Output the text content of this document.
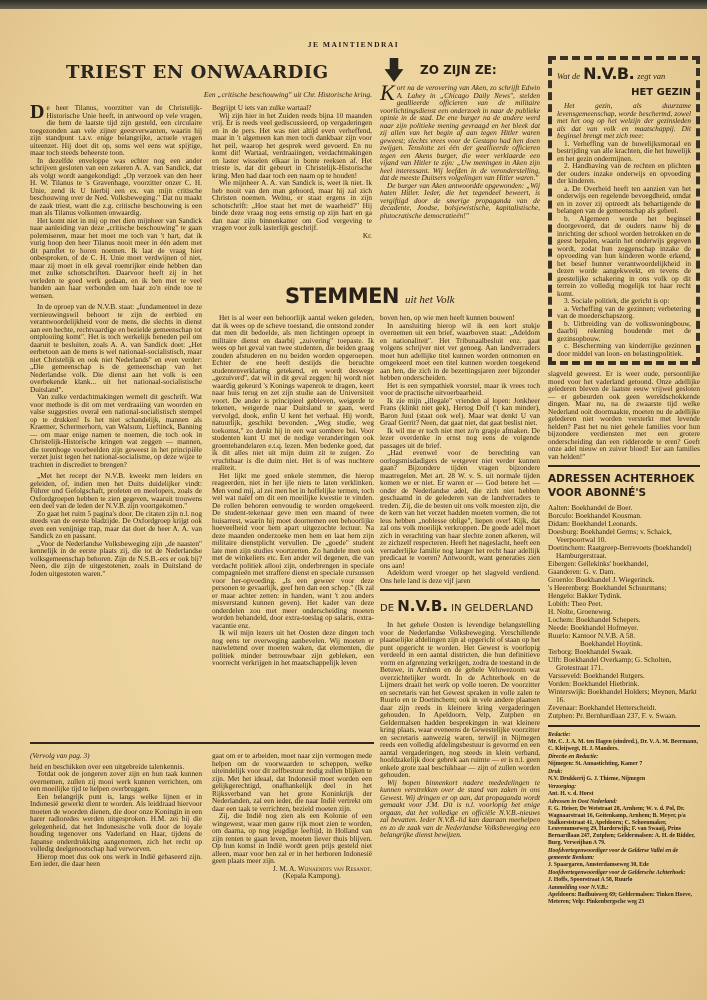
JE MAINTIENDRAI
TRIEST EN ONWAARDIG
Een „critische beschouwing" uit Chr. Historische kring.

De heer Tilanus, voorzitter van de Christelijk-Historische Unie heeft, in antwoord op vele vragen, die hem de laatste tijd zijn gesteld, een circulaire toegezonden aan vele zijner geestverwanten, waarin hij zijn standpunt t.a.v. enige belangrijke, actuele vragen uiteenzet. Hij doet dit op, soms wel eens wat spijtige, maar toch steeds beheerste toon.

In dezelfde enveloppe was echter nog een ander schrijven gesloten van een zekeren A. A. van Sandick, dat als volgt wordt aangekondigd: „Op verzoek van den heer H. W. Tilanus te 's Gravenhage, voorzitter onzer C. H. Unie, zend ik U hierbij een ex. van mijn critische beschouwing over de Ned. Volksbeweging." Dat nu maakt de zaak triest, want die z.g. critische beschouwing is een man als Tilanus volkomen onwaardig.

Het komt niet in mij op met dien mijnheer van Sandick naar aanleiding van deze „critische beschouwing" te gaan polemiseren, maar het moet me toch van 't hart, dat ik vurig hoop den heer Tilanus nooit meer in één adem met dit pamflet te horen noemen. Ik laat de vraag hier onbesproken, of de C. H. Unie moet verdwijnen of niet, maar zij moet in elk geval roemrijker einde hebben dan met zulke schotschriften. Daarvoor heeft zij in het verleden te goed werk gedaan, en ik ben met te veel banden aan haar verbonden om haar zo'n einde toe te wensen.

In de oproep van de N.V.B. staat: „fundamenteel in deze vernieuwingswil behoort te zijn de eerbied en verantwoordelijkheid voor de mens, die slechts in dienst aan een hechte, rechtvaardige en bezielde gemeenschap tot ontplooiing komt". Het is toch werkelijk beneden peil om daaruit te besluiten, zoals A. A. van Sandick doet: „Het eerbetoon aan de mens is wel nationaal-socialistisch, maar niet Christelijk en ook niet Nederlands" en even verder: „Die gemeenschap is de gemeenschap van het Nederlandse volk. Die dienst aan het volk is een overbekende klank... uit het nationaal-socialistische Duitsland".

Van zulke verdachtmakingen wemelt dit geschrift. Wat voor methode is dit om met verdraaiing van woorden en valse suggesties overal een national-socialistisch stempel op te drukken! Is het niet schandelijk, mannen als Kraemer, Schermerhorn, van Walsum, Lieftinck, Banning — om maar enige namen te noemen, die toch ook in Christelijk-Historische kringen wat zeggen — mannen, die torenhoge voorbeelden zijn geweest in het principiële verzet juist tegen het national-socialisme, op deze wijze te trachten in discrediet te brengen?

„Met het recept der N.V.B. kweekt men leiders en geleiden, of, indien men het Duits duidelijker vindt: Führer und Gefolgschaft, profeten en meelopers, zoals de Oxfordgroepen hebben te zien gegeven, waaruit trouwens een deel van de leden der N.V.B. zijn voortgekomen."

Zo gaat het ruim 5 pagina's door. De citaten zijn n.l. nog steeds van de eerste bladzijde. De Oxfordgroep krijgt ook even een venijnige trap, maar dat doet de heer A. A. van Sandick zo en passant.

„Voor de Nederlandse Volksbeweging zijn „de naasten" kennelijk in de eerste plaats zij, die tot de Nederlandse volksgemeenschap behoren. Zijn de N.S.B.-ers er ook bij? Neen, die zijn de uitgestotenen, zoals in Duitsland de Joden uitgestoten waren."

Begrijpt U iets van zulke wartaal?

Wij zijn hier in het Zuiden reeds bijna 10 maanden vrij. Er is reeds veel gediscussieerd, op vergaderingen en in de pers. Het was niet altijd even verheffend, maar in 't algemeen kan men toch dankbaar zijn voor het peil, waarop het gesprek werd gevoerd. En nu komt dit! Wartaal, verdraaiingen, verdachtmakingen en laster wisselen elkaar in bonte reeksen af. Het trieste is, dat dit gebeurt in Christelijk-Historische kring. Men had daar toch een naam op te houden!

Wie mijnheer A. A. van Sandick is, weet ik niet. Ik heb nooit van den man gehoord, maar hij zal zich Christen noemen. Welnu, er staat ergens in zijn schotschrift: „Hoe staat het met de waarheid?" Hij binde deze vraag nog eens ernstig op zijn hart en ga dan naar zijn binnenkamer om God vergeving te vragen voor zulk lasterlijk geschrijf.

Kr.
ZO ZIJN ZE:

Kort na de verovering van Aken, zo schrijft Edwin A. Lahey in „Chicago Daily News", stelden geallieerde officieren van de militaire voorlichtingsdienst een onderzoek in naar de publieke opinie in de stad. De ene burger na de andere werd naar zijn politieke mening gevraagd en het bleek dat zij allen van het begin af aan tegen Hitler waren geweest; slechts vrees voor de Gestapo had hen doen zwijgen. Tenslotte zei één der geallieerde officieren tegen een Akens burger, die weer verklaarde een vijand van Hitler te zijn: „Uw meningen in Aken zijn heel interessant. Wij leefden in de veronderstelling, dat de meeste Duitsers volgelingen van Hitler waren."

De burger van Aken antwoordde opgewonden: „Wij haten Hitler. Ieder, die het tegendeel beweert, is vergiftigd door de smerige propaganda van de decadente, Joodse, bolsjewistische, kapitalistische, plutocratische democratieën!"

Wat de N.V.B. zegt van
HET GEZIN

Het gezin, als duurzame levensgemeenschap, worde beschermd, zowel met het oog op het welzijn der gezinsleden als dat van volk en maatschappij. Dit beginsel brengt met zich mee:

1. Verheffing van de huwelijksmoraal en bestrijding van alle krachten, die het huwelijk en het gezin ondermijnen.

2. Handhaving van de rechten en plichten der ouders inzake onderwijs en opvoeding der kinderen.

a. De Overheid heeft ten aanzien van het onderwijs een regelende bevoegdheid, omdat en in zover zij optreedt als behartigende de belangen van de gemeenschap als geheel.

b. Algemeen worde het beginsel doorgevoerd, dat de ouders nauw bij de inrichting der school worden betrokken en de geest bepalen, waarin het onderwijs gegeven wordt, zodat hun zeggenschap inzake de opvoeding van hun kinderen worde erkend, het besef hunner verantwoordelijkheid in dezen worde aangekweekt, en tevens de geestelijke schakering in ons volk op dit terrein zo volledig mogelijk tot haar recht komt.

3. Sociale politiek, die gericht is op:

a. Verheffing van de gezinnen; verbetering van de moederschapszorg.

b. Uitbreiding van de volkswoningbouw, daarbij rekening houdende met de gezinsopbouw.

c. Bescherming van kinderrijke gezinnen door middel van loon- en belastingpolitiek.

slagveld geweest. Er is weer oude, persoonlijke moed voor het vaderland getoond. Onze adellijke gelederen bleven de laatste eeuw vrijwel gesloten — er gebeurden ook geen wereldschokkende dingen. Maar nu, na de zwaarste tijd welke Nederland ooit doormaakte, moeten nu de adellijke gelederen niet worden versterkt met levende helden? Past het nu niet gehele families voor hun bijzondere verdiensten met een grotere onderscheiding dan een ridderorde te eren? Geeft onze adel nieuw en zuiver bloed! Eer aan families van helden!"

ADRESSEN ACHTERHOEK
VOOR ABONNÉ'S
Aalten: Boekhandel de Boer.
Borculo: Boekhandel Kousman.
Didam: Boekhandel Leonards.
Doesburg: Boekhandel Germs; v. Schaick, Veerpoortwal 10.
Doetinchem: Raatgreep-Berrevoets (boekhandel) Hamburgerstraat.
Eibergen: Gellekinks' boekhandel,
Gaanderen: G. v. Dam.
Groenlo: Boekhandel J. Wiegerinck.
's Heerenberg: Boekhandel Schuurmans;
Hengelo: Bakker Tydink.
Lobith: Theo Peet.
H. Nolte, Groeneweg.
Lochem: Boekhandel Schepers.
Neede: Boekhandel Hofmeyer.
Ruurlo: Kantoor N.V.B. A 58.
Boekhandel Hoytink.
Terborg: Boekhandel Swaak.
Ulft: Boekhandel Overkamp; G. Scholten, Grotestraat 171.
Varsseveld: Boekhandel Rutgers.
Vorden: Boekhandel Hietbrink.
Winterswijk: Boekhandel Holders; Meynen, Markt 16.
Zevenaar: Boekhandel Hetterscheidt.
Zutphen: Pr. Bernhardlaan 237, F. v. Swaan.
Redactie:
Mr. C. J. A. M. ten Hagen (eindred.), Dr. V. A. M. Beermann, C. Kleijwegt, H. J. Manders.
Directie en Redactie:
Nijmegen: St. Annastichting, Kamer 7
Druk:
N.V. Drukkerij G. J. Thieme, Nijmegen
Verzorging:
Ant. H. v. d. Horst
Adressen in Oost Nederland:
F. G. Heiser, De Wetstraat 28, Arnhem; W. v. d. Pol, Dr. Wagnaarstraat 16, Geitenkamp, Arnhem; B. Meyer, p/a Stalkorststraat 41, Apeldoorn; C. Schoenmaker, Leuvenumseweg 29, Harderwijk; F. van Swaaij, Prins Bernardlaan 247, Zutphen; Geldermalsen: A. H. de Ridder, Burg. Verweijhan A 79.
Hoofdvertegenwoordiger voor de Gelderse Vallei en de gemeente Renkum:
J. Spaargaren, Amsterdamseweg 30, Ede
Hoofdvertegenwoordiger voor de Geldersche Achterhoek:
J. Hoffs, Spoorstraat A 58, Ruurlo
Aanmelding voor N.V.B.:
Apeldoorn: Badhuisweg 69; Geldermalsen: Tinken Hoeve, Meteren; Velp: Pinkenbergsche weg 23
STEMMEN uit het Volk

Het is al weer een behoorlijk aantal weken geleden, dat ik wees op de scheve toestand, die ontstond zonder dat men dit bedoelde, als men lichtingen oproept in militaire dienst en daarbij „zuivering" toepaste. Ik wees op het geval van twee studenten, die beiden graag zouden afstuderen en nu beiden worden opgeroepen. Echter de ene heeft destijds die beruchte studentenverklaring getekend, en wordt deswege „gezuiverd", dat wil in dit geval zeggen: hij wordt niet waardig gekeurd 's Konings wapenrok te dragen, keert naar huis terug en zet zijn studie aan de Universiteit voort. De ander is principieel gebleven, weigerde te tekenen, weigerde naar Duitsland te gaan, werd vervolgd, dook, enfin U kent het verhaal. Hij wordt, natuurlijk, geschikt bevonden. „Weg studie, weg toekomst," zo denkt hij in een wat sombere bui. Voor studenten kunt U met de nodige veranderingen ook groentehandelaren e.t.q. lezen. Men bedenke goed, dat ik dit alles niet uit mijn duim zit te zuigen. Zo vruchtbaar is die duim niet. Het is of was nuchtere realiteit.

Het lijkt me goed enkele stemmen, die hierop reageerden, niet in het ijle niets te laten verklinken. Men vond mij, al zei men het in hoffelijke termen, toch wel wat naïef om dit een moeilijke kwestie te vinden. De rollen behoren eenvoudig te worden omgekeerd. De student-tekenaar geve men een maand of twee huisarrest, waarin hij moet doornemen een behoorlijke hoeveelheid voor hem apart uitgezochte lectuur. Na deze maanden onderzoeke men hem en laat hem zijn militaire dienstplicht vervullen. De „goede" student late men zijn studies voortzetten. Zo handele men ook met de winkeliers etc. Een ander wil degenen, die van verdacht politiek allooi zijn, onderbrengen in speciale compagnieën met straffere dienst en speciale cursussen voor her-opvoeding. „Is een geweer voor deze personen te gevaarlijk, geef hen dan een schop." (Ik zal er maar achter zetten: in handen, want 't zou anders misverstand kunnen geven). Het kader van deze onderdelen zou met meer onderscheiding moeten worden behandeld, door extra-toeslag op salaris, extra-vacantie enz.

Ik wil mijn lezers uit het Oosten deze dingen toch nog eens ter overweging aanbevelen. Wij moeten er nauwlettend over moeten waken, dat elementen, die politiek minder betrouwbaar zijn gebleken, een voorrecht verkrijgen in het maatschappelijk leven

boven hen, op wie men heeft kunnen bouwen!

In aansluiting hierop wil ik een kort stukje overnemen uit een brief, waarboven staat: „Adeldom en nationaliteit". Het Tribunaalbesluit enz. gaat volgens schrijver niet ver genoeg. Aan landverraders moet hun adellijke titel kunnen worden ontnomen en omgekeerd moet een titel kunnen worden toegekend aan hen, die zich in de bezettingsjaren zeer bijzonder hebben onderscheiden.

Het is een sympathiek voorstel, maar ik vrees toch voor de practische uitvoerbaarheid.

Ik zie mijn „illegale" vrienden al lopen: Jonkheer Frans (klinkt niet gek), Hertog Dolf ('t kan minder), Baron Juul (staat ook wel). Maar wat denkt U van Graaf Gerrit? Neen, dat gaat niet, dat gaat beslist niet.

Ik wil me er toch niet met zo'n grapje afmaken. De lezer overdenke in ernst nog eens de volgende passages uit de brief.

„Had evenwel voor de berechting van oorlogsmisdadigers de wetgever niet verder kunnen gaan? Bijzondere tijden vragen bijzondere maatregelen. Met art. 28 W. v. S. uit normale tijden komen we er niet. Er waren er — God betere het — onder de Nederlandse adel, die zich niet hebben geschaamd in de gelederen van de landverraders te treden. Zij, die de besten uit ons volk moesten zijn, die de kern van het verzet hadden moeten vormen, die tot leus hebben „noblesse oblige", liepen over! Kijk, dat zal ons volk moeilijk verkroppen. De goede adel moet zich in verachting van haar slechte zonen afkeren, wil ze zichzelf respecteren. Heeft het nageslacht, heeft een verraderlijke familie nog langer het recht haar adellijk predicaat te voeren? Antwoordt, want generaties zien ons aan!

Adeldom werd vroeger op het slagveld verdiend. Ons hele land is deze vijf jaren

DE N.V.B. IN GELDERLAND

In het gehele Oosten is levendige belangstelling voor de Nederlandse Volksbeweging. Verschillende plaatselijke afdelingen zijn al opgericht of staan op het punt opgericht te worden. Het Gewest is voorlopig verdeeld in een aantal districten, die hun definitieve vorm en afgrenzing verkrijgen, zodra de toestand in de Betuwe, in Arnhem en de gehele Veluwezoom wat overzichtelijker wordt. In de Achterhoek en de Lijmers draait het werk op volle toeren. De voorzitter en secretaris van het Gewest spraken in volle zalen te Ruurlo en te Doetinchem; ook in vele andere plaatsen daar zijn reeds in kleinere kring vergaderingen gehouden. In Apeldoorn, Velp, Zutphen en Geldermalsen hadden besprekingen in wat kleinere kring plaats, waar eveneens de Gewestelijke voorzitter en secretaris aanwezig waren, terwijl in Nijmegen reeds een volledig afdelingsbestuur is gevormd en een aantal vergaderingen, nog steeds in klein verband, hoofdzakelijk door gebrek aan ruimte — er is n.l. geen enkele grote zaal beschikbaar — zijn of zullen worden gehouden.

Wij hopen binnenkort nadere mededelingen te kunnen verstrekken over de stand van zaken in ons Gewest. Wij dringen er op aan, dat propaganda wordt gemaakt voor J.M. Dit is n.l. voorlopig het enige orgaan, dat het volledige en officiële N.V.B.-nieuws zal bevatten. Ieder N.V.B.-lid kan daaraan meehelpen en zo de zaak van de Nederlandse Volksbeweging een belangrijke dienst bewijzen.

(Vervolg van pag. 3)

heid en beschikken over een uitgebreide talenkennis.

Totdat ook de jongeren zover zijn en hun taak kunnen overnemen, zullen zij mooi werk kunnen verrichten, om een moeilijke tijd te helpen overbruggen.

Een belangrijk punt is, langs welke lijnen er in Indonesië gewerkt dient te worden. Als leiddraad hiervoor moeten de woorden dienen, die door onze Koningin in een harer radioredes werden uitgesproken. H.M. zei bij die gelegenheid, dat het Indonesische volk door de loyale houding tegenover ons Vaderland en Haar, tijdens de Japanse onderdrukking aangenomen, zich het recht op volledig deelgenootschap had verworven.

Hierop moet dus ook ons werk in Indië gebaseerd zijn. Een ieder, die daar heen

gaat om er te arbeiden, moet naar zijn vermogen mede helpen om de voorwaarden te scheppen, welke uiteindelijk voor dit zelfbestuur nodig zullen blijken te zijn. Met het ideaal, dat Indonesië moet worden een gelijkgerechtigd, onafhankelijk deel in het Rijksverband van het grote Koninkrijk der Nederlanden, zal een ieder, die naar Indië vertrekt om daar een taak te verrichten, bezield moeten zijn.

Zij, die Indië nog zien als een Kolonie of een wingewest, waar men gauw rijk moet zien te worden, om daarna, op nog jeugdige leeftijd, in Holland van zijn renten te gaan leven, moeten liever thuis blijven. Op hun komst in Indië wordt geen prijs gesteld niet alleen, maar voor hen zal er in het herboren Indonesië geen plaats meer zijn.

J. M. A. Wijnaendts van Resandt.
(Kepala Kampong).
